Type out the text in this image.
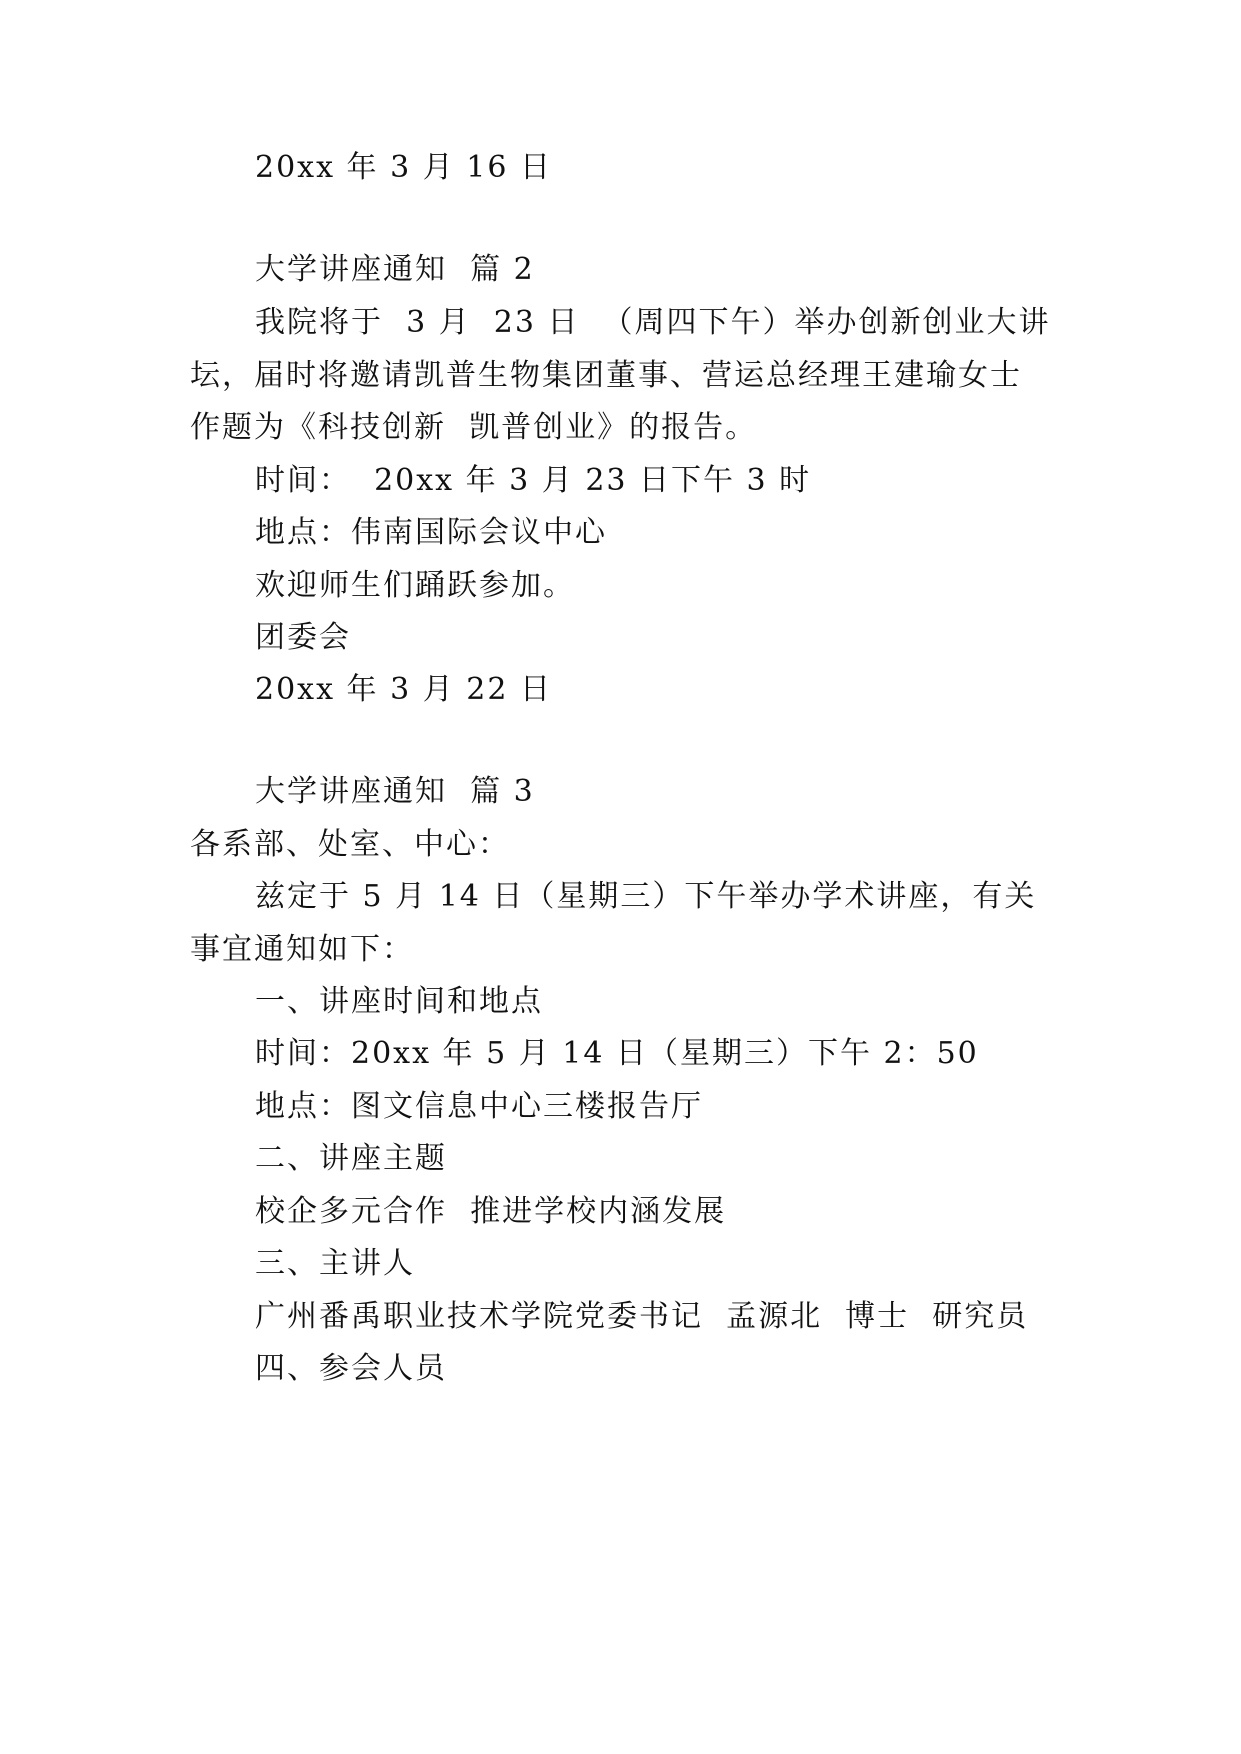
20xx 年 3 月 16 日
大学讲座通知  篇 2
我院将于  3 月  23 日  （周四下午）举办创新创业大讲
坛，届时将邀请凯普生物集团董事、营运总经理王建瑜女士
作题为《科技创新  凯普创业》的报告。
时间：  20xx 年 3 月 23 日下午 3 时
地点：伟南国际会议中心
欢迎师生们踊跃参加。
团委会
20xx 年 3 月 22 日
大学讲座通知  篇 3
各系部、处室、中心：
兹定于 5 月 14 日（星期三）下午举办学术讲座，有关
事宜通知如下：
一、讲座时间和地点
时间：20xx 年 5 月 14 日（星期三）下午 2：50
地点：图文信息中心三楼报告厅
二、讲座主题
校企多元合作  推进学校内涵发展
三、主讲人
广州番禹职业技术学院党委书记  孟源北  博士  研究员
四、参会人员
